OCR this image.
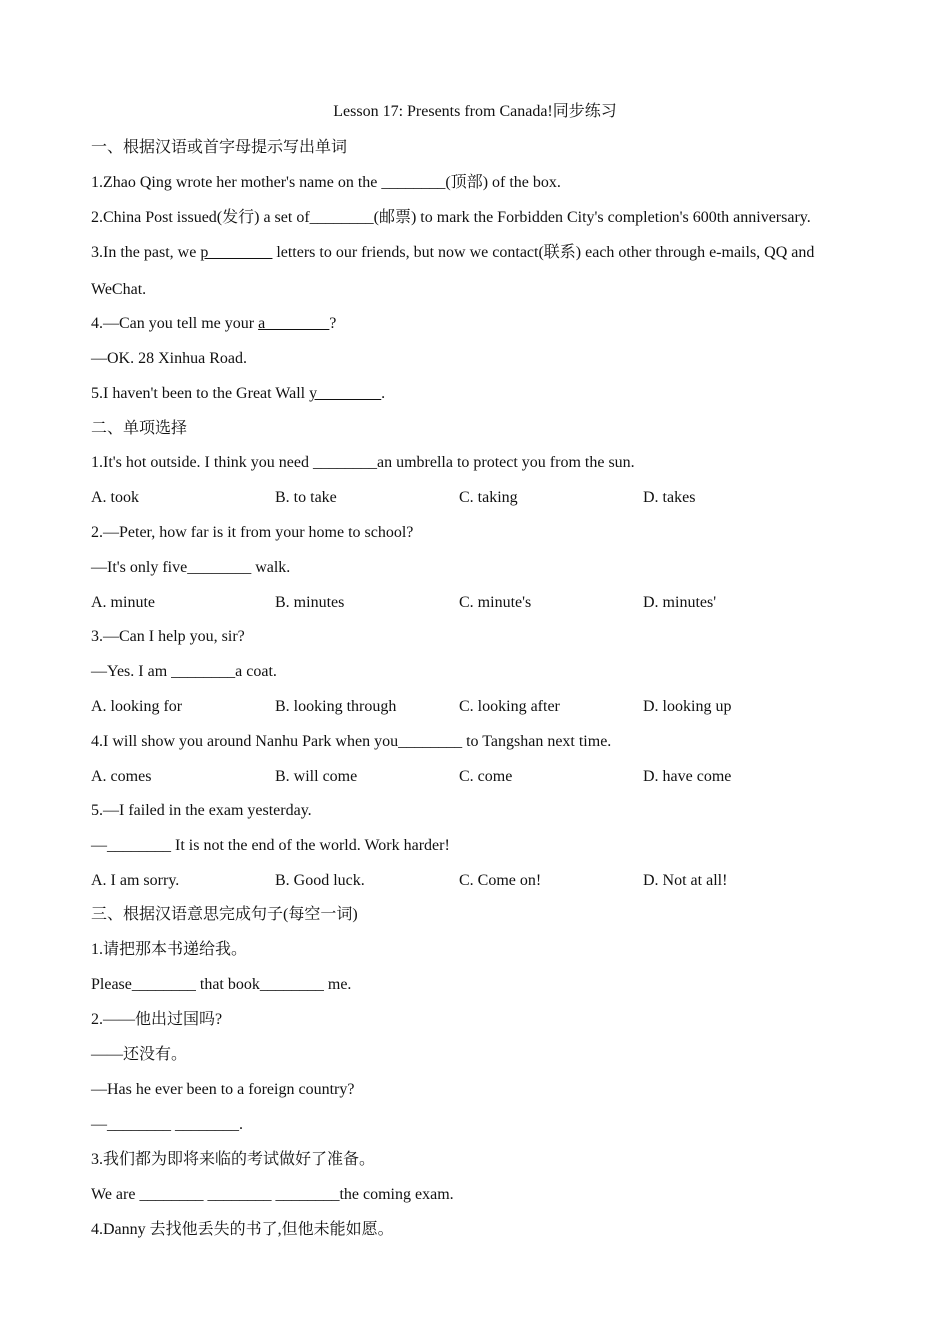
Lesson 17: Presents from Canada!同步练习
一、根据汉语或首字母提示写出单词
1.Zhao Qing wrote her mother's name on the ________(顶部) of the box.
2.China Post issued(发行) a set of________(邮票) to mark the Forbidden City's completion's 600th anniversary.
3.In the past, we p________ letters to our friends, but now we contact(联系) each other through e-mails, QQ and
WeChat.
4.—Can you tell me your a________?
—OK. 28 Xinhua Road.
5.I haven't been to the Great Wall y________.
二、单项选择
1.It's hot outside. I think you need ________an umbrella to protect you from the sun.
A. took	B. to take	C. taking	D. takes
2.—Peter, how far is it from your home to school?
—It's only five________ walk.
A. minute	B. minutes	C. minute's	D. minutes'
3.—Can I help you, sir?
—Yes. I am ________a coat.
A. looking for	B. looking through	C. looking after	D. looking up
4.I will show you around Nanhu Park when you________ to Tangshan next time.
A. comes	B. will come	C. come	D. have come
5.—I failed in the exam yesterday.
—________ It is not the end of the world. Work harder!
A. I am sorry.	B. Good luck.	C. Come on!	D. Not at all!
三、根据汉语意思完成句子(每空一词)
1.请把那本书递给我。
Please________ that book________ me.
2.——他出过国吗?
——还没有。
—Has he ever been to a foreign country?
—________ ________.
3.我们都为即将来临的考试做好了准备。
We are ________ ________ ________the coming exam.
4.Danny 去找他丢失的书了,但他未能如愿。
